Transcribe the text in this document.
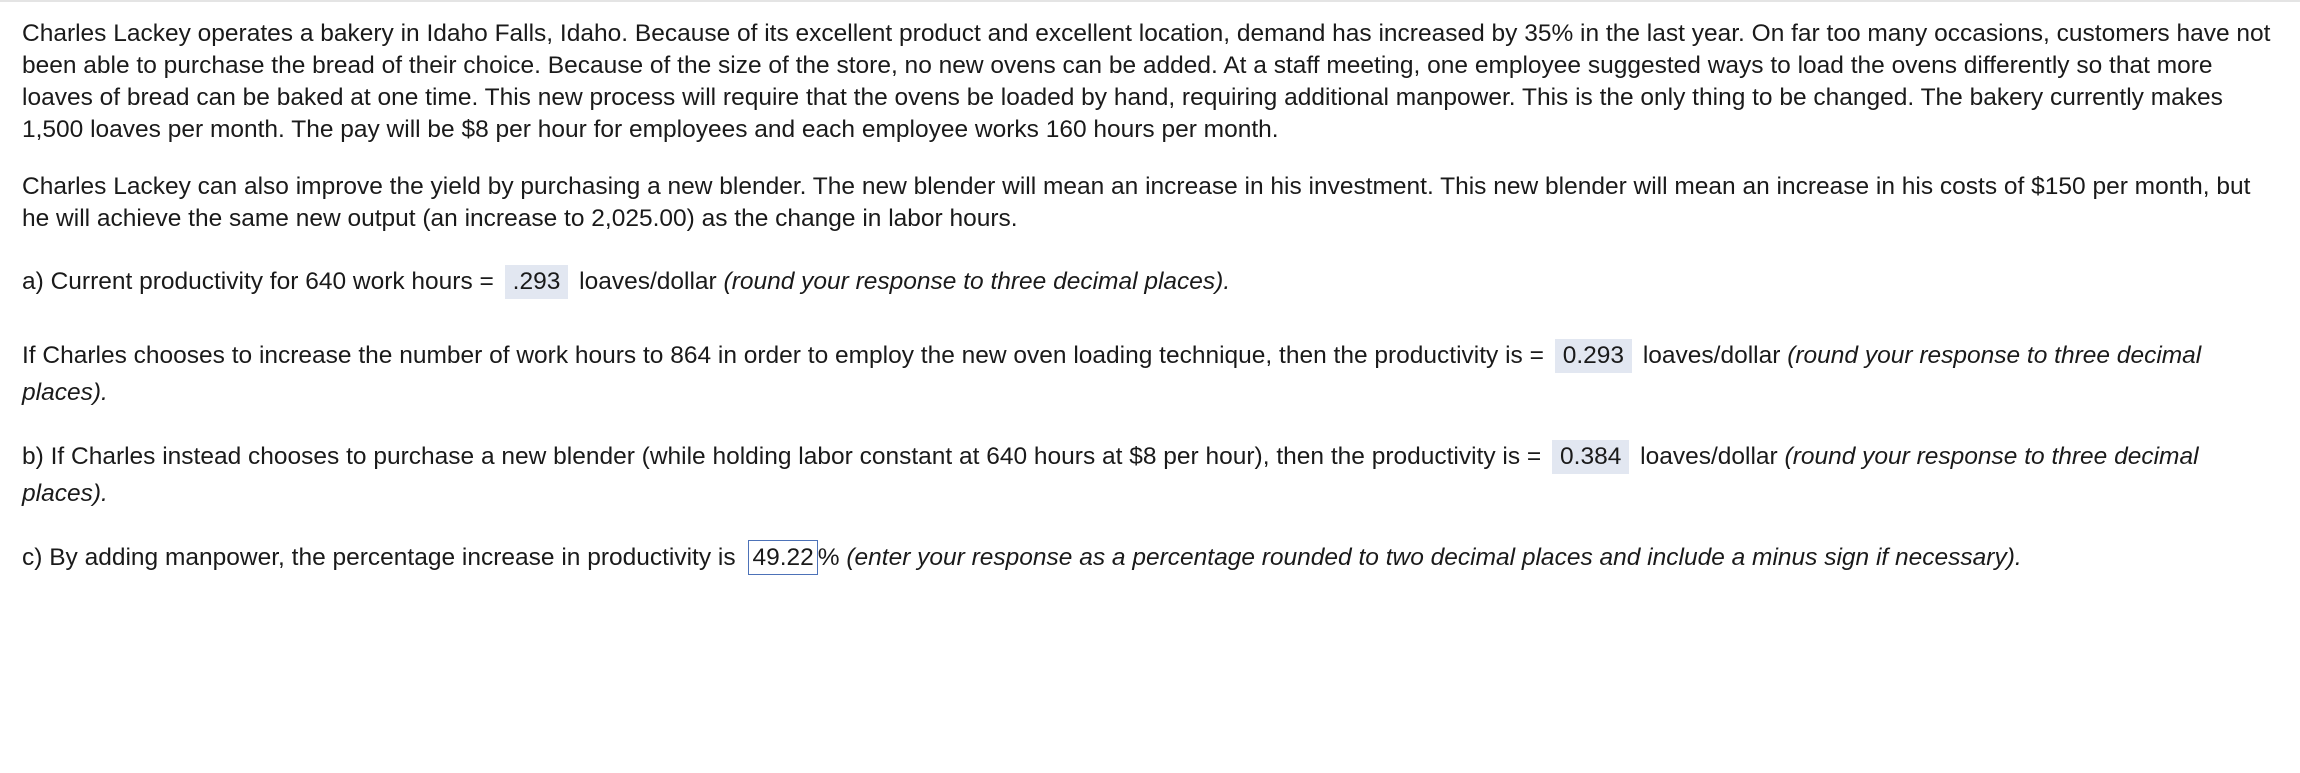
Charles Lackey operates a bakery in Idaho Falls, Idaho. Because of its excellent product and excellent location, demand has increased by 35% in the last year. On far too many occasions, customers have not been able to purchase the bread of their choice. Because of the size of the store, no new ovens can be added. At a staff meeting, one employee suggested ways to load the ovens differently so that more loaves of bread can be baked at one time. This new process will require that the ovens be loaded by hand, requiring additional manpower. This is the only thing to be changed. The bakery currently makes 1,500 loaves per month. The pay will be $8 per hour for employees and each employee works 160 hours per month.

Charles Lackey can also improve the yield by purchasing a new blender. The new blender will mean an increase in his investment. This new blender will mean an increase in his costs of $150 per month, but he will achieve the same new output (an increase to 2,025.00) as the change in labor hours.

a) Current productivity for 640 work hours = .293 loaves/dollar (round your response to three decimal places).

If Charles chooses to increase the number of work hours to 864 in order to employ the new oven loading technique, then the productivity is = 0.293 loaves/dollar (round your response to three decimal places).

b) If Charles instead chooses to purchase a new blender (while holding labor constant at 640 hours at $8 per hour), then the productivity is = 0.384 loaves/dollar (round your response to three decimal places).

c) By adding manpower, the percentage increase in productivity is 49.22 % (enter your response as a percentage rounded to two decimal places and include a minus sign if necessary).
